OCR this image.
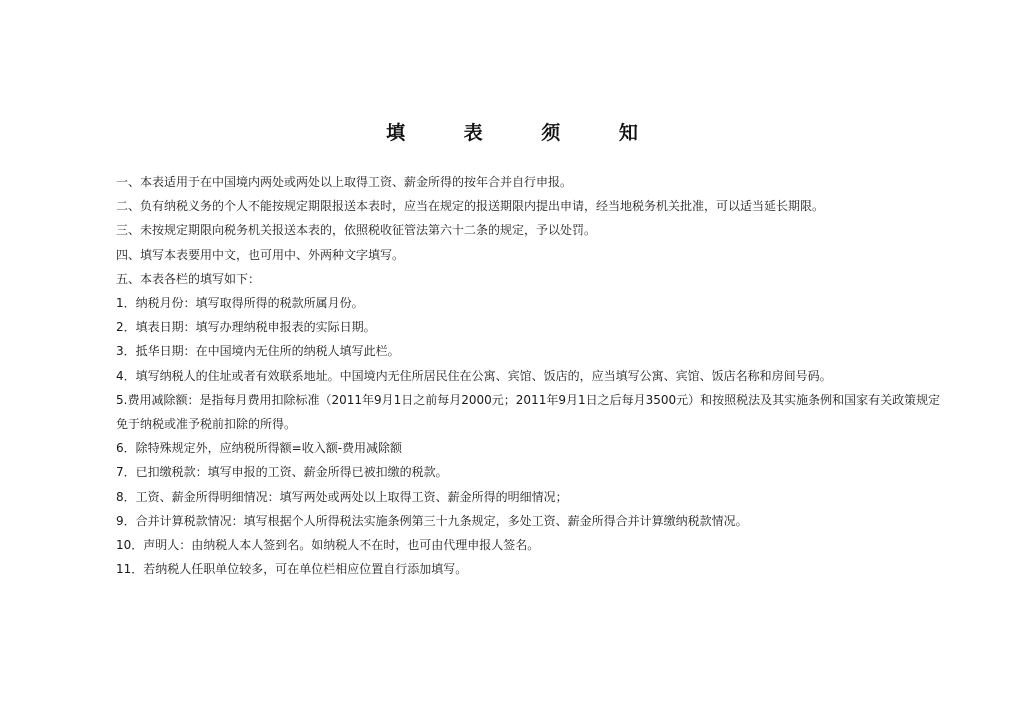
填 表 须 知
一、本表适用于在中国境内两处或两处以上取得工资、薪金所得的按年合并自行申报。
二、负有纳税义务的个人不能按规定期限报送本表时，应当在规定的报送期限内提出申请，经当地税务机关批准，可以适当延长期限。
三、未按规定期限向税务机关报送本表的，依照税收征管法第六十二条的规定，予以处罚。
四、填写本表要用中文，也可用中、外两种文字填写。
五、本表各栏的填写如下：
1．纳税月份：填写取得所得的税款所属月份。
2．填表日期：填写办理纳税申报表的实际日期。
3．抵华日期：在中国境内无住所的纳税人填写此栏。
4．填写纳税人的住址或者有效联系地址。中国境内无住所居民住在公寓、宾馆、饭店的，应当填写公寓、宾馆、饭店名称和房间号码。
5.费用减除额：是指每月费用扣除标准（2011年9月1日之前每月2000元；2011年9月1日之后每月3500元）和按照税法及其实施条例和国家有关政策规定免于纳税或准予税前扣除的所得。
6．除特殊规定外，应纳税所得额=收入额-费用减除额
7．已扣缴税款：填写申报的工资、薪金所得已被扣缴的税款。
8．工资、薪金所得明细情况：填写两处或两处以上取得工资、薪金所得的明细情况；
9．合并计算税款情况：填写根据个人所得税法实施条例第三十九条规定，多处工资、薪金所得合并计算缴纳税款情况。
10．声明人：由纳税人本人签到名。如纳税人不在时，也可由代理申报人签名。
11．若纳税人任职单位较多，可在单位栏相应位置自行添加填写。
